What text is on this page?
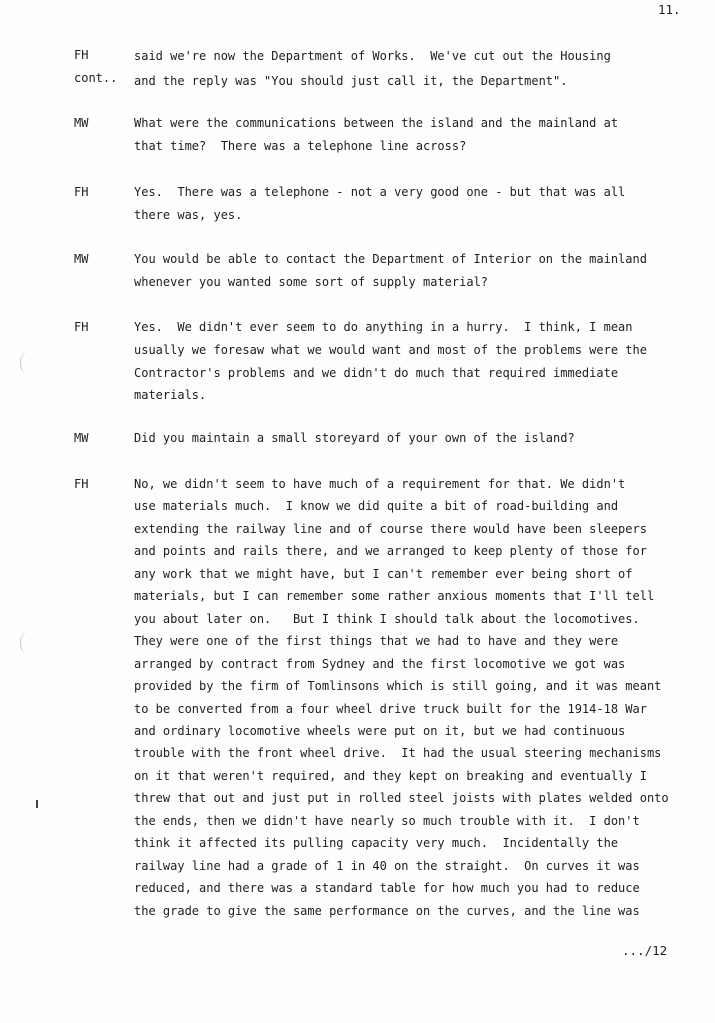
11.
FH
cont..
said we're now the Department of Works.  We've cut out the Housing
and the reply was "You should just call it, the Department".
MW	What were the communications between the island and the mainland at
that time?  There was a telephone line across?
FH	Yes.  There was a telephone - not a very good one - but that was all
there was, yes.
MW	You would be able to contact the Department of Interior on the mainland
whenever you wanted some sort of supply material?
FH	Yes.  We didn't ever seem to do anything in a hurry.  I think, I mean
usually we foresaw what we would want and most of the problems were the
Contractor's problems and we didn't do much that required immediate
materials.
MW	Did you maintain a small storeyard of your own of the island?
FH	No, we didn't seem to have much of a requirement for that. We didn't
use materials much.  I know we did quite a bit of road-building and
extending the railway line and of course there would have been sleepers
and points and rails there, and we arranged to keep plenty of those for
any work that we might have, but I can't remember ever being short of
materials, but I can remember some rather anxious moments that I'll tell
you about later on.   But I think I should talk about the locomotives.
They were one of the first things that we had to have and they were
arranged by contract from Sydney and the first locomotive we got was
provided by the firm of Tomlinsons which is still going, and it was meant
to be converted from a four wheel drive truck built for the 1914-18 War
and ordinary locomotive wheels were put on it, but we had continuous
trouble with the front wheel drive.  It had the usual steering mechanisms
on it that weren't required, and they kept on breaking and eventually I
threw that out and just put in rolled steel joists with plates welded onto
the ends, then we didn't have nearly so much trouble with it.  I don't
think it affected its pulling capacity very much.  Incidentally the
railway line had a grade of 1 in 40 on the straight.  On curves it was
reduced, and there was a standard table for how much you had to reduce
the grade to give the same performance on the curves, and the line was
.../12
